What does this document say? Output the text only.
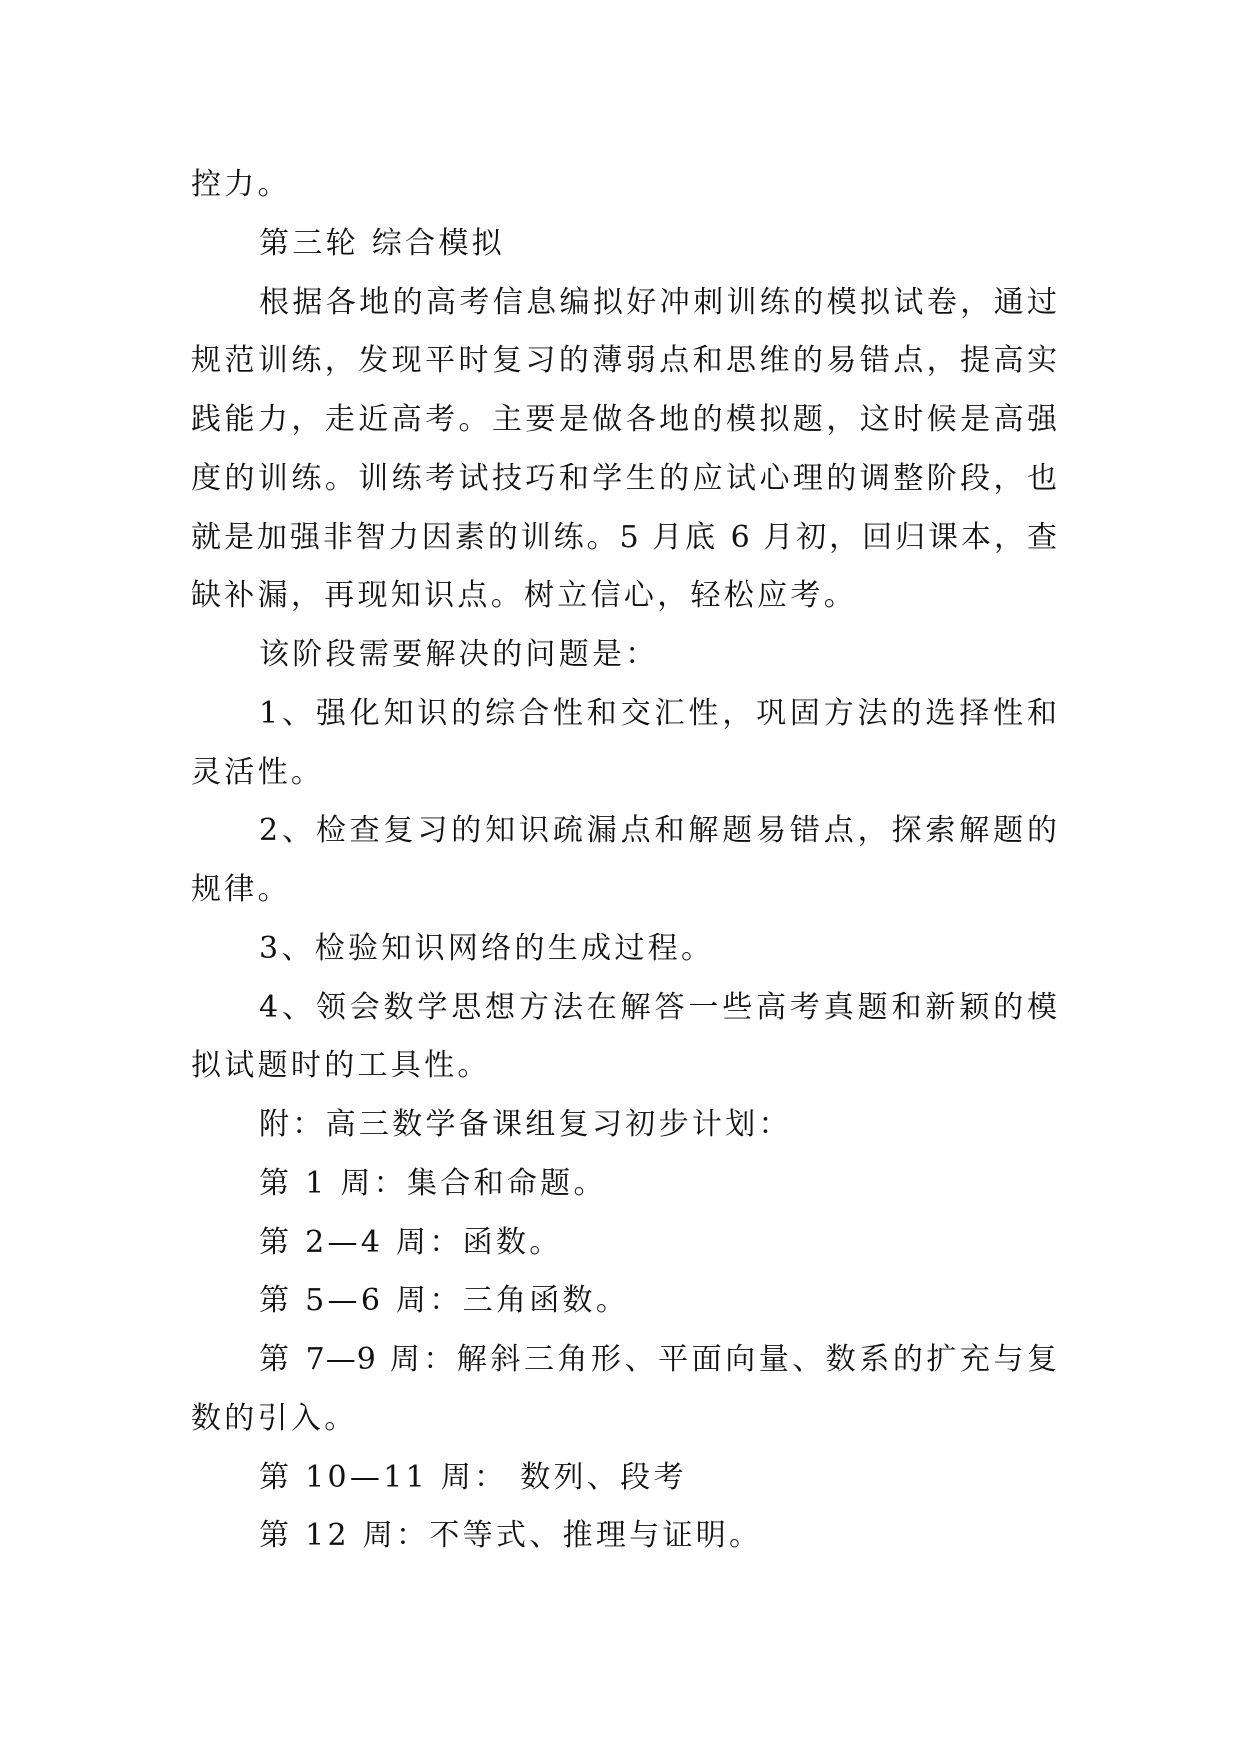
控力。
第三轮 综合模拟
根据各地的高考信息编拟好冲刺训练的模拟试卷，通过
规范训练，发现平时复习的薄弱点和思维的易错点，提高实
践能力，走近高考。主要是做各地的模拟题，这时候是高强
度的训练。训练考试技巧和学生的应试心理的调整阶段，也
就是加强非智力因素的训练。5 月底 6 月初，回归课本，查
缺补漏，再现知识点。树立信心，轻松应考。
该阶段需要解决的问题是：
1、强化知识的综合性和交汇性，巩固方法的选择性和
灵活性。
2、检查复习的知识疏漏点和解题易错点，探索解题的
规律。
3、检验知识网络的生成过程。
4、领会数学思想方法在解答一些高考真题和新颖的模
拟试题时的工具性。
附：高三数学备课组复习初步计划：
第 1 周：集合和命题。
第 2—4 周：函数。
第 5—6 周：三角函数。
第 7—9 周：解斜三角形、平面向量、数系的扩充与复
数的引入。
第 10—11 周： 数列、段考
第 12 周：不等式、推理与证明。
